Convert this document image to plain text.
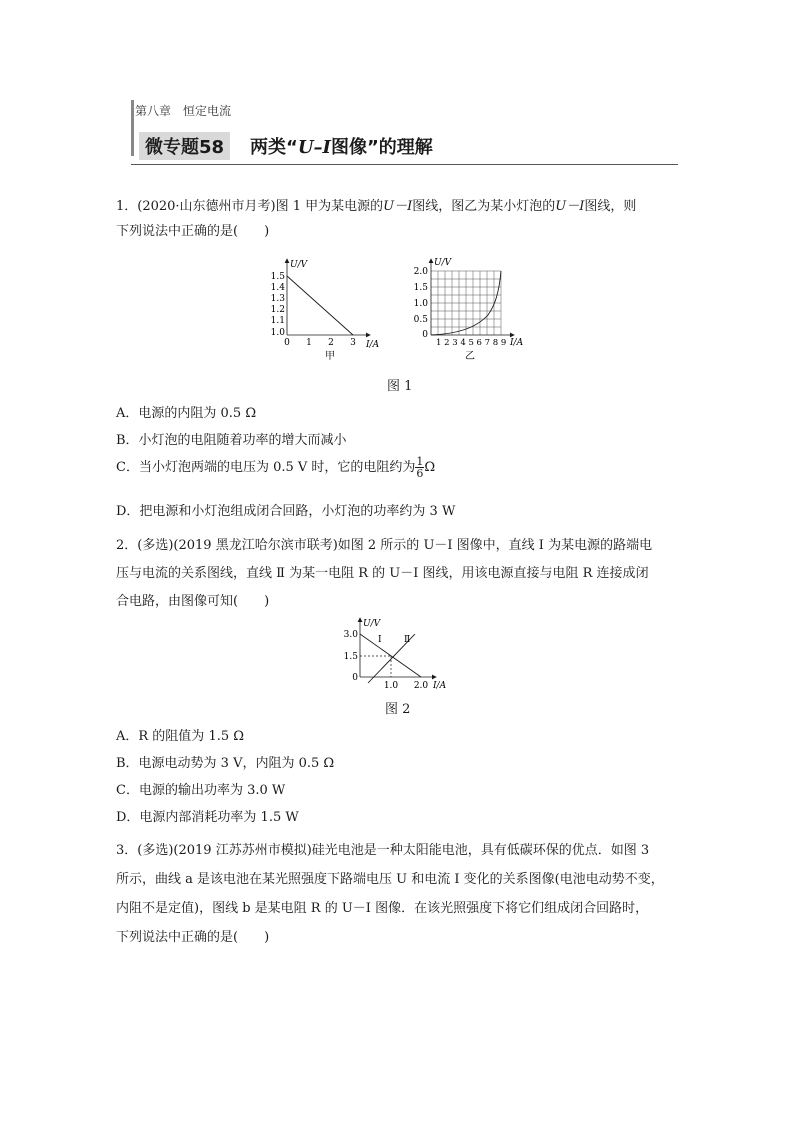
第八章　恒定电流
微专题58	两类“U–I图像”的理解
1．(2020·山东德州市月考)图 1 甲为某电源的U－I图线，图乙为某小灯泡的U－I图线，则
下列说法中正确的是(　　)
U/V
I/A
1.5
1.4
1.3
1.2
1.1
1.0
0 1 2 3
甲
U/V
I/A
2.0
1.5
1.0
0.5
0
1 2 3 4 5 6 7 8 9
乙
图 1
A．电源的内阻为 0.5 Ω
B．小灯泡的电阻随着功率的增大而减小
C．当小灯泡两端的电压为 0.5 V 时，它的电阻约为 $\frac{1}{6}$ Ω
D．把电源和小灯泡组成闭合回路，小灯泡的功率约为 3 W
2．(多选)(2019 黑龙江哈尔滨市联考)如图 2 所示的 U－I 图像中，直线 Ⅰ 为某电源的路端电
压与电流的关系图线，直线 Ⅱ 为某一电阻 R 的 U－I 图线，用该电源直接与电阻 R 连接成闭
合电路，由图像可知(　　)
U/V
I/A
3.0
1.5
0
1.0 2.0
Ⅰ Ⅱ
图 2
A．R 的阻值为 1.5 Ω
B．电源电动势为 3 V，内阻为 0.5 Ω
C．电源的输出功率为 3.0 W
D．电源内部消耗功率为 1.5 W
3．(多选)(2019 江苏苏州市模拟)硅光电池是一种太阳能电池，具有低碳环保的优点．如图 3
所示，曲线 a 是该电池在某光照强度下路端电压 U 和电流 I 变化的关系图像(电池电动势不变，
内阻不是定值)，图线 b 是某电阻 R 的 U－I 图像．在该光照强度下将它们组成闭合回路时，
下列说法中正确的是(　　)
